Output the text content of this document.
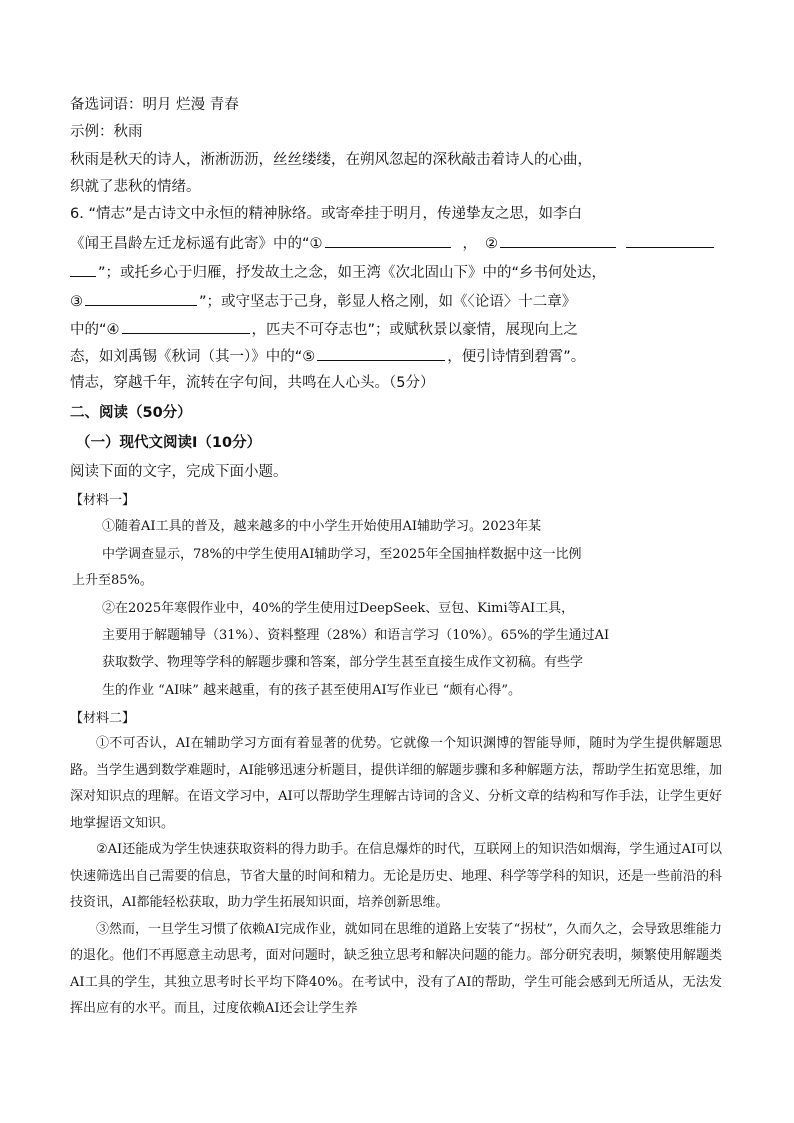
备选词语：明月 烂漫 青春
示例：秋雨
秋雨是秋天的诗人，淅淅沥沥，丝丝缕缕，在朔风忽起的深秋敲击着诗人的心曲，
织就了悲秋的情绪。
6. “情志”是古诗文中永恒的精神脉络。或寄牵挂于明月，传递挚友之思，如李白
《闻王昌龄左迁龙标遥有此寄》中的“①	， ②
”；或托乡心于归雁，抒发故土之念，如王湾《次北固山下》中的“乡书何处达，
③	”；或守坚志于己身，彰显人格之刚，如《〈论语〉十二章》
中的“④	，匹夫不可夺志也”；或赋秋景以豪情，展现向上之
态，如刘禹锡《秋词（其一）》中的“⑤	，便引诗情到碧霄”。
情志，穿越千年，流转在字句间，共鸣在人心头。（5分）
二、阅读（50分）
（一）现代文阅读Ⅰ（10分）
阅读下面的文字，完成下面小题。
【材料一】
①随着AI工具的普及，越来越多的中小学生开始使用AI辅助学习。2023年某
中学调查显示，78%的中学生使用AI辅助学习，至2025年全国抽样数据中这一比例
上升至85%。
②在2025年寒假作业中，40%的学生使用过DeepSeek、豆包、Kimi等AI工具，
主要用于解题辅导（31%）、资料整理（28%）和语言学习（10%）。65%的学生通过AI
获取数学、物理等学科的解题步骤和答案，部分学生甚至直接生成作文初稿。有些学
生的作业 “AI味” 越来越重，有的孩子甚至使用AI写作业已 “颇有心得”。
【材料二】

①不可否认，AI在辅助学习方面有着显著的优势。它就像一个知识渊博的智能导师，随时为学生提供解题思路。当学生遇到数学难题时，AI能够迅速分析题目，提供详细的解题步骤和多种解题方法，帮助学生拓宽思维，加深对知识点的理解。在语文学习中，AI可以帮助学生理解古诗词的含义、分析文章的结构和写作手法，让学生更好地掌握语文知识。

②AI还能成为学生快速获取资料的得力助手。在信息爆炸的时代，互联网上的知识浩如烟海，学生通过AI可以快速筛选出自己需要的信息，节省大量的时间和精力。无论是历史、地理、科学等学科的知识，还是一些前沿的科技资讯，AI都能轻松获取，助力学生拓展知识面，培养创新思维。

③然而，一旦学生习惯了依赖AI完成作业，就如同在思维的道路上安装了“拐杖”，久而久之，会导致思维能力的退化。他们不再愿意主动思考，面对问题时，缺乏独立思考和解决问题的能力。部分研究表明，频繁使用解题类AI工具的学生，其独立思考时长平均下降40%。在考试中，没有了AI的帮助，学生可能会感到无所适从，无法发挥出应有的水平。而且，过度依赖AI还会让学生养
